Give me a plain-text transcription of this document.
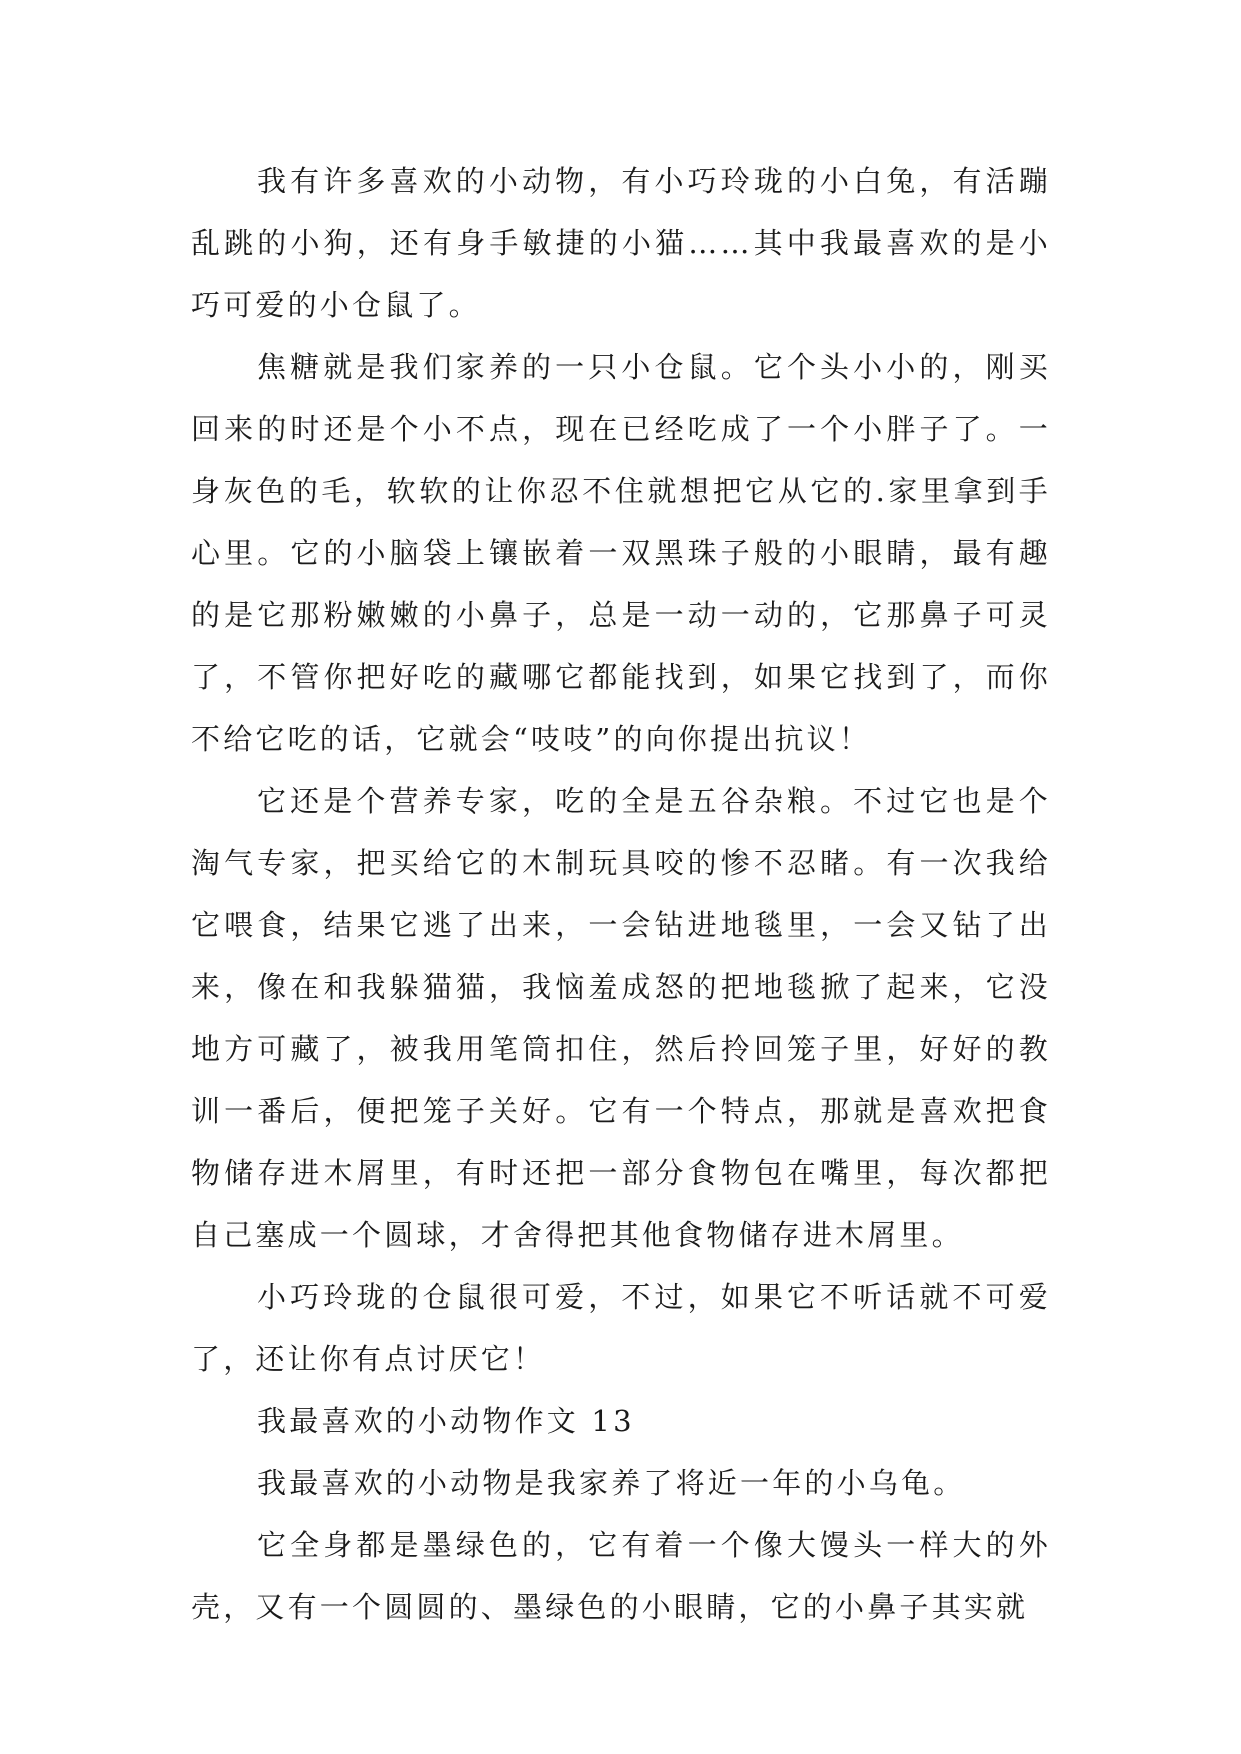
我有许多喜欢的小动物，有小巧玲珑的小白兔，有活蹦乱跳的小狗，还有身手敏捷的小猫……其中我最喜欢的是小巧可爱的小仓鼠了。

焦糖就是我们家养的一只小仓鼠。它个头小小的，刚买回来的时还是个小不点，现在已经吃成了一个小胖子了。一身灰色的毛，软软的让你忍不住就想把它从它的.家里拿到手心里。它的小脑袋上镶嵌着一双黑珠子般的小眼睛，最有趣的是它那粉嫩嫩的小鼻子，总是一动一动的，它那鼻子可灵了，不管你把好吃的藏哪它都能找到，如果它找到了，而你不给它吃的话，它就会“吱吱”的向你提出抗议！

它还是个营养专家，吃的全是五谷杂粮。不过它也是个淘气专家，把买给它的木制玩具咬的惨不忍睹。有一次我给它喂食，结果它逃了出来，一会钻进地毯里，一会又钻了出来，像在和我躲猫猫，我恼羞成怒的把地毯掀了起来，它没地方可藏了，被我用笔筒扣住，然后拎回笼子里，好好的教训一番后，便把笼子关好。它有一个特点，那就是喜欢把食物储存进木屑里，有时还把一部分食物包在嘴里，每次都把自己塞成一个圆球，才舍得把其他食物储存进木屑里。

小巧玲珑的仓鼠很可爱，不过，如果它不听话就不可爱了，还让你有点讨厌它！

我最喜欢的小动物作文 13

我最喜欢的小动物是我家养了将近一年的小乌龟。

它全身都是墨绿色的，它有着一个像大馒头一样大的外壳，又有一个圆圆的、墨绿色的小眼睛，它的小鼻子其实就
